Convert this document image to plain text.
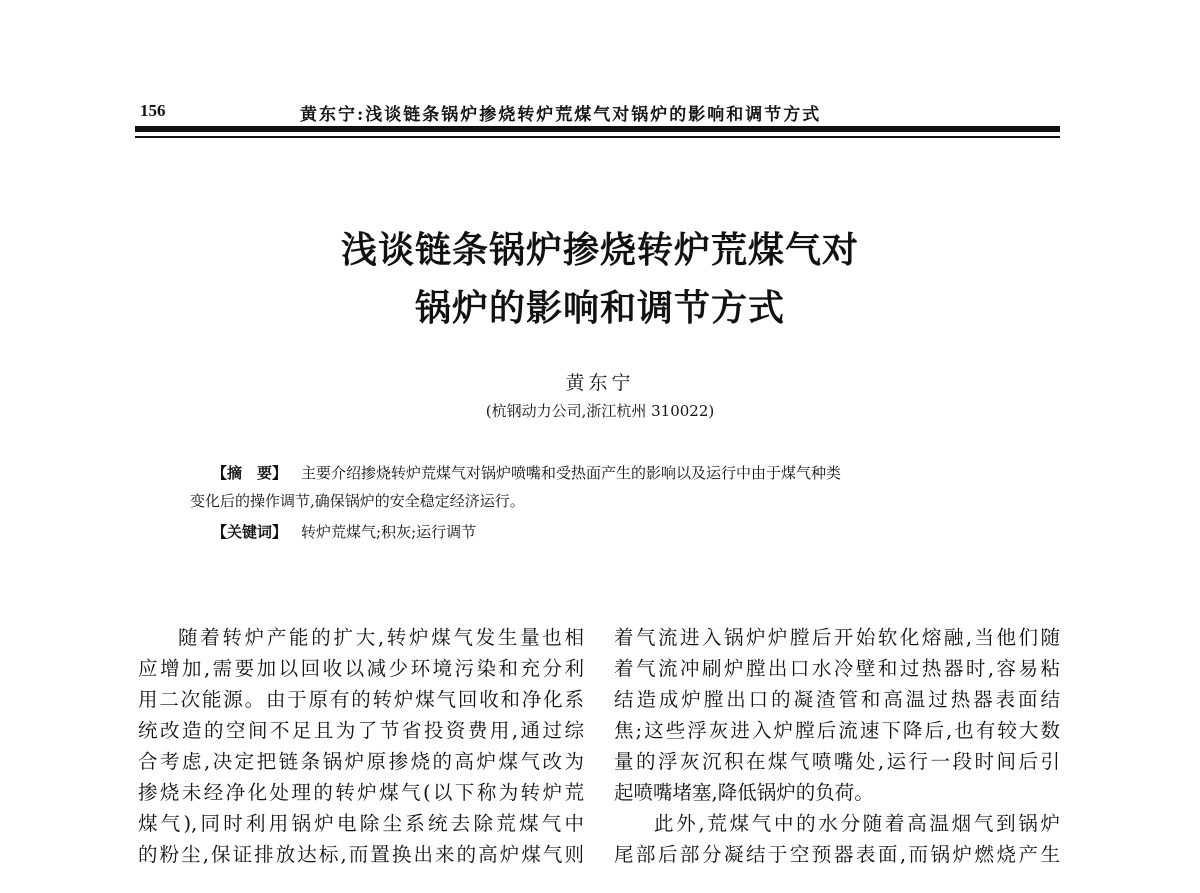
156	黄东宁:浅谈链条锅炉掺烧转炉荒煤气对锅炉的影响和调节方式
浅谈链条锅炉掺烧转炉荒煤气对
锅炉的影响和调节方式
黄东宁
(杭钢动力公司,浙江杭州 310022)
【摘　要】 主要介绍掺烧转炉荒煤气对锅炉喷嘴和受热面产生的影响以及运行中由于煤气种类
变化后的操作调节,确保锅炉的安全稳定经济运行。
【关键词】 转炉荒煤气;积灰;运行调节
随着转炉产能的扩大,转炉煤气发生量也相
应增加,需要加以回收以减少环境污染和充分利
用二次能源。由于原有的转炉煤气回收和净化系
统改造的空间不足且为了节省投资费用,通过综
合考虑,决定把链条锅炉原掺烧的高炉煤气改为
掺烧未经净化处理的转炉煤气(以下称为转炉荒
煤气),同时利用锅炉电除尘系统去除荒煤气中
的粉尘,保证排放达标,而置换出来的高炉煤气则
着气流进入锅炉炉膛后开始软化熔融,当他们随
着气流冲刷炉膛出口水冷壁和过热器时,容易粘
结造成炉膛出口的凝渣管和高温过热器表面结
焦;这些浮灰进入炉膛后流速下降后,也有较大数
量的浮灰沉积在煤气喷嘴处,运行一段时间后引
起喷嘴堵塞,降低锅炉的负荷。
此外,荒煤气中的水分随着高温烟气到锅炉
尾部后部分凝结于空预器表面,而锅炉燃烧产生
